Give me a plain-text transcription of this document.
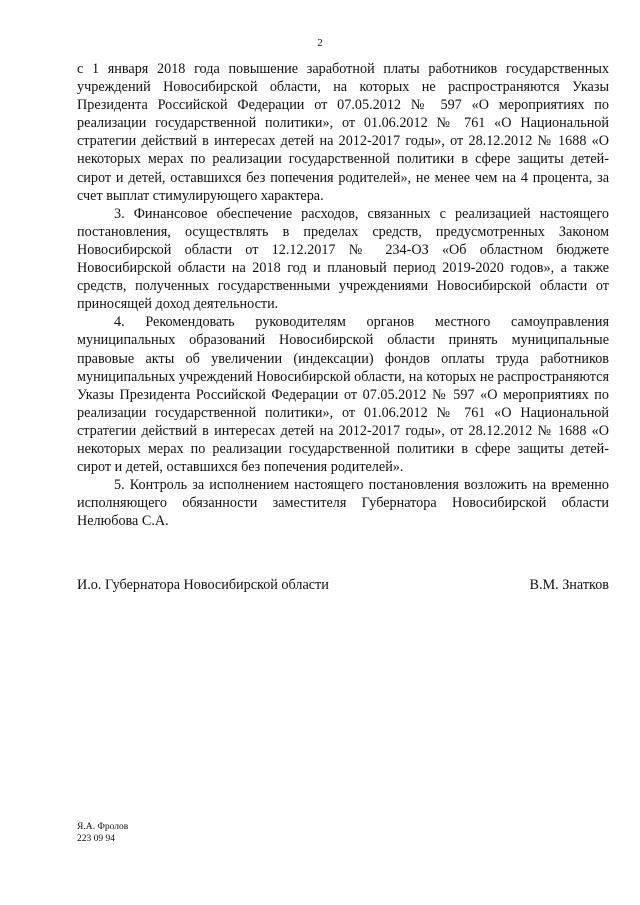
2

с 1 января 2018 года повышение заработной платы работников государственных учреждений Новосибирской области, на которых не распространяются Указы Президента Российской Федерации от 07.05.2012 № 597 «О мероприятиях по реализации государственной политики», от 01.06.2012 № 761 «О Национальной стратегии действий в интересах детей на 2012-2017 годы», от 28.12.2012 № 1688 «О некоторых мерах по реализации государственной политики в сфере защиты детей-сирот и детей, оставшихся без попечения родителей», не менее чем на 4 процента, за счет выплат стимулирующего характера.

3. Финансовое обеспечение расходов, связанных с реализацией настоящего постановления, осуществлять в пределах средств, предусмотренных Законом Новосибирской области от 12.12.2017 № 234-ОЗ «Об областном бюджете Новосибирской области на 2018 год и плановый период 2019-2020 годов», а также средств, полученных государственными учреждениями Новосибирской области от приносящей доход деятельности.

4. Рекомендовать руководителям органов местного самоуправления муниципальных образований Новосибирской области принять муниципальные правовые акты об увеличении (индексации) фондов оплаты труда работников муниципальных учреждений Новосибирской области, на которых не распространяются Указы Президента Российской Федерации от 07.05.2012 № 597 «О мероприятиях по реализации государственной политики», от 01.06.2012 № 761 «О Национальной стратегии действий в интересах детей на 2012-2017 годы», от 28.12.2012 № 1688 «О некоторых мерах по реализации государственной политики в сфере защиты детей-сирот и детей, оставшихся без попечения родителей».

5. Контроль за исполнением настоящего постановления возложить на временно исполняющего обязанности заместителя Губернатора Новосибирской области Нелюбова С.А.

И.о. Губернатора Новосибирской области	В.М. Знатков
Я.А. Фролов
223 09 94
